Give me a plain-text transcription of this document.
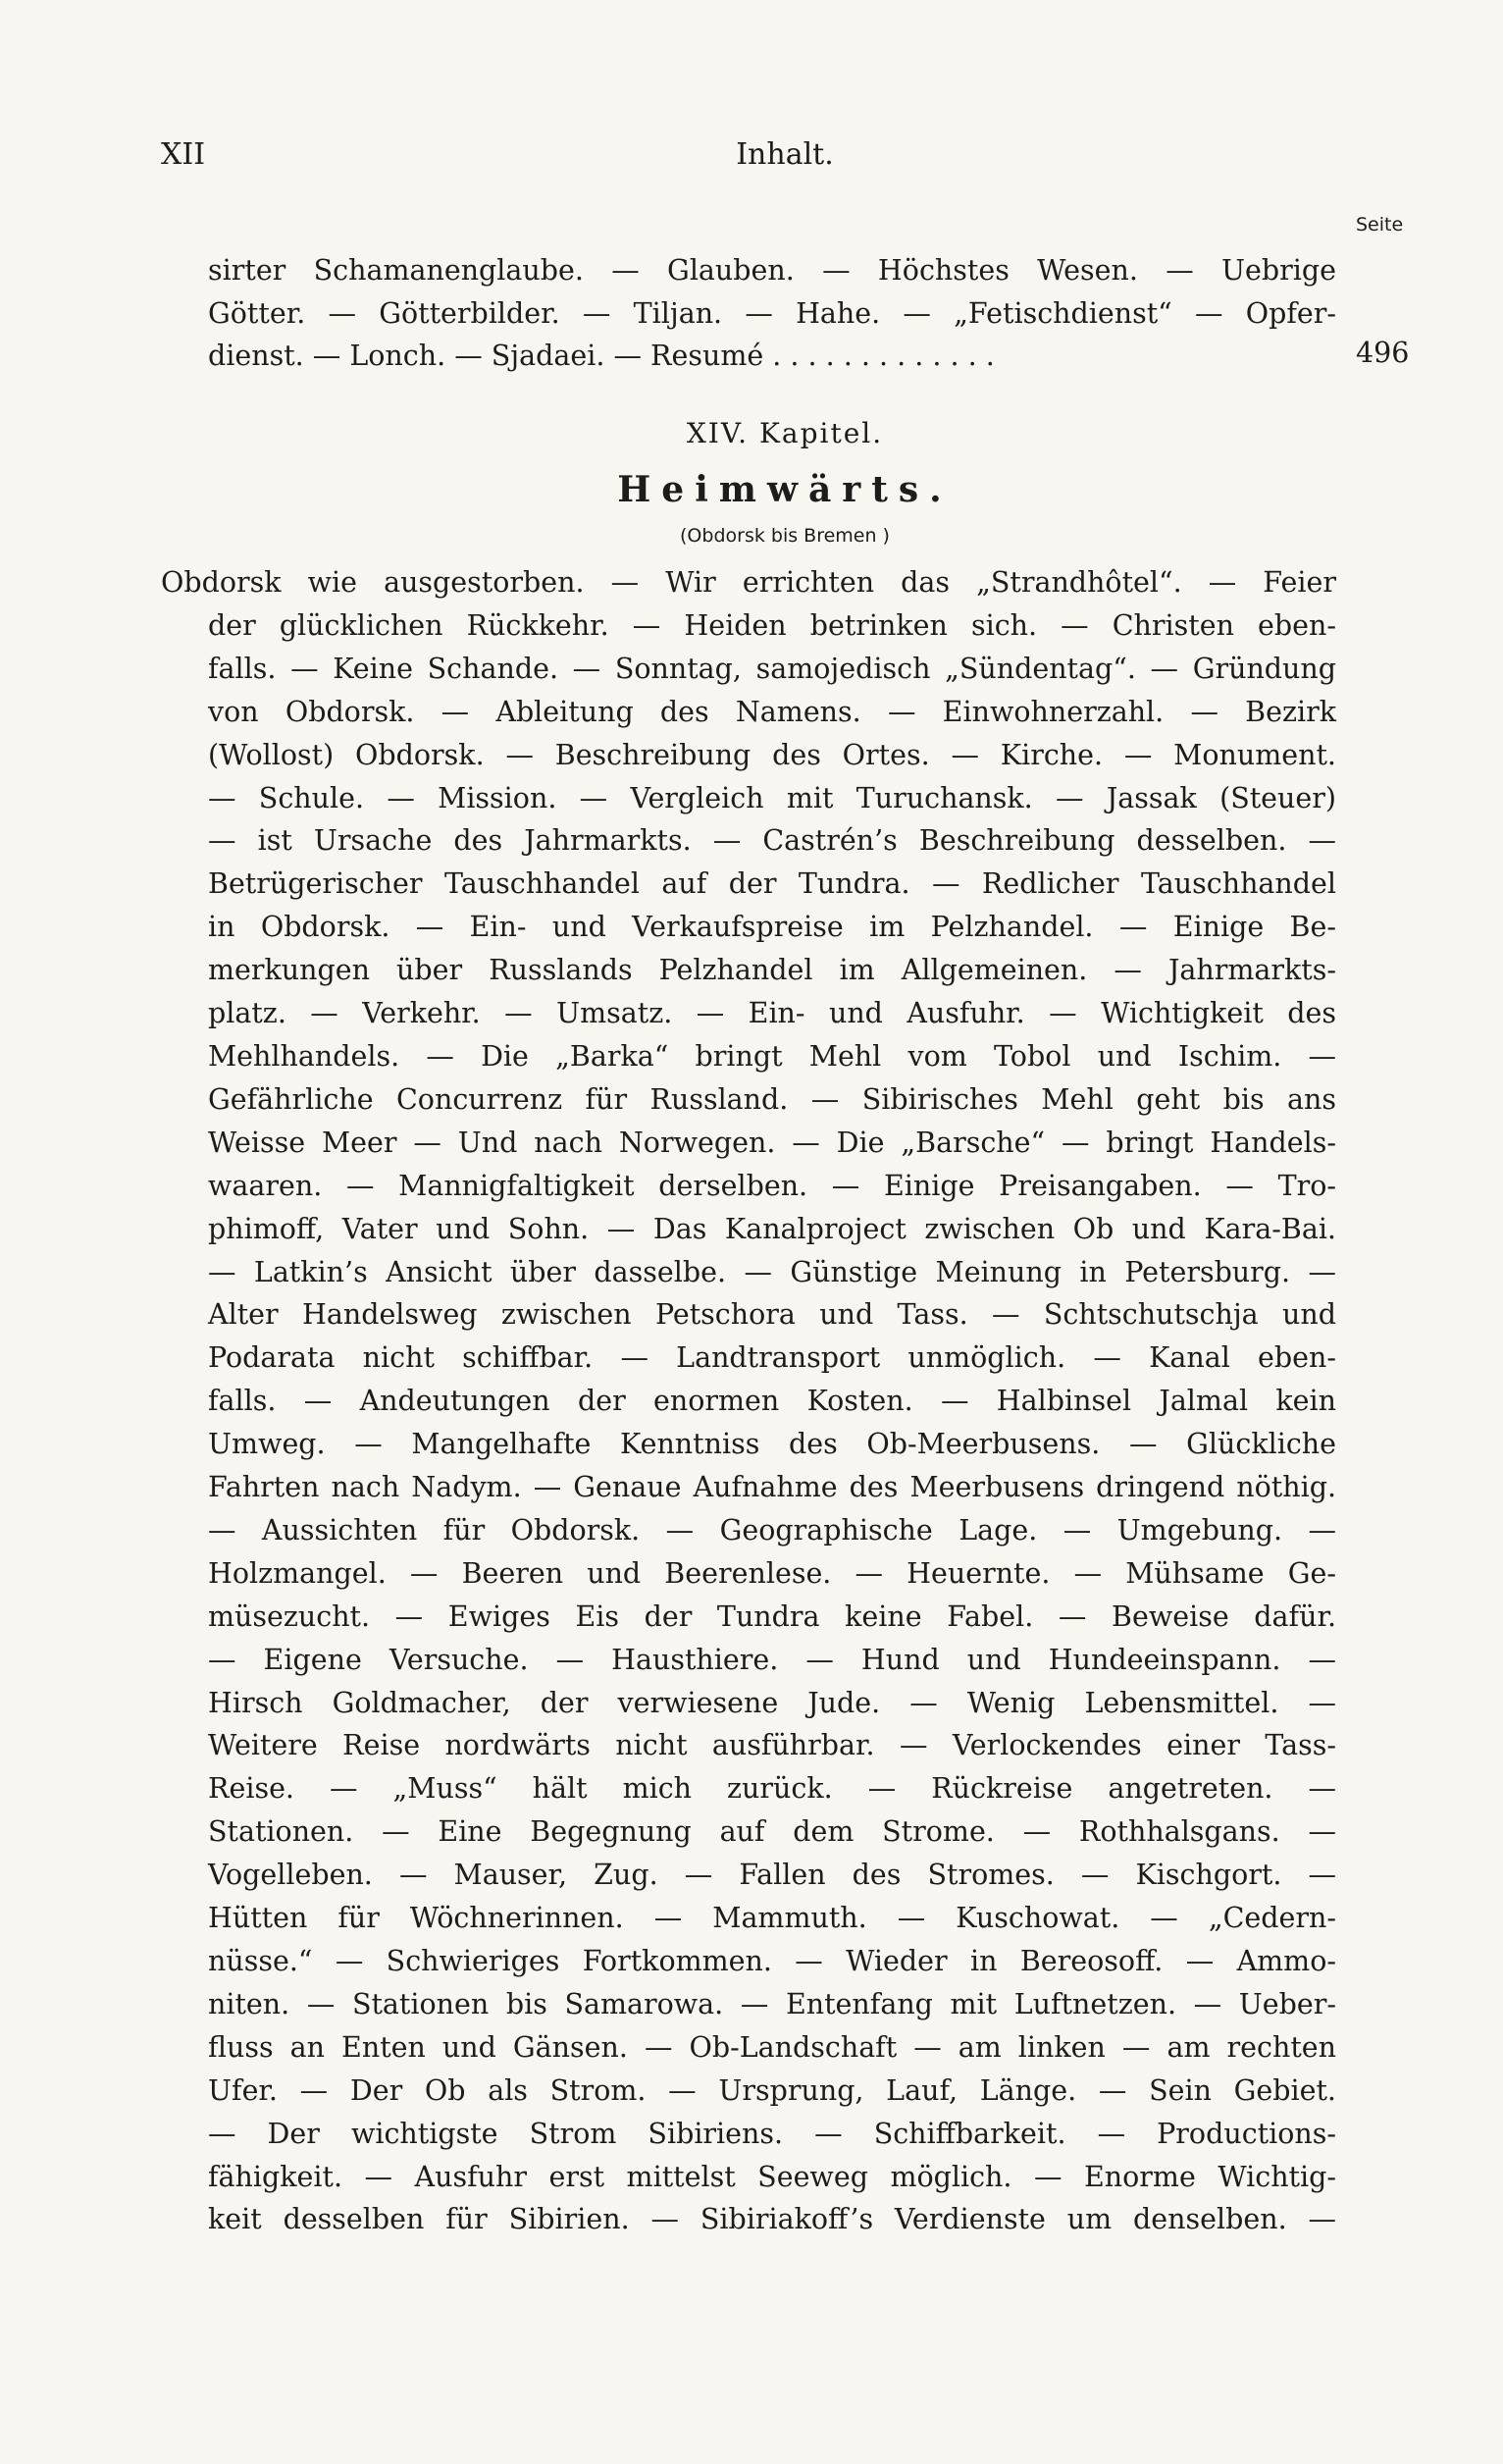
XII	Inhalt.
Seite
sirter Schamanenglaube. — Glauben. — Höchstes Wesen. — Uebrige
Götter. — Götterbilder. — Tiljan. — Hahe. — „Fetischdienst“ — Opfer-
dienst. — Lonch. — Sjadaei. — Resumé . . . . . . . . . . . . .	496
XIV. Kapitel.
Heimwärts.
(Obdorsk bis Bremen )
Obdorsk wie ausgestorben. — Wir errichten das „Strandhôtel“. — Feier
der glücklichen Rückkehr. — Heiden betrinken sich. — Christen eben-
falls. — Keine Schande. — Sonntag, samojedisch „Sündentag“. — Gründung
von Obdorsk. — Ableitung des Namens. — Einwohnerzahl. — Bezirk
(Wollost) Obdorsk. — Beschreibung des Ortes. — Kirche. — Monument.
— Schule. — Mission. — Vergleich mit Turuchansk. — Jassak (Steuer)
— ist Ursache des Jahrmarkts. — Castrén’s Beschreibung desselben. —
Betrügerischer Tauschhandel auf der Tundra. — Redlicher Tauschhandel
in Obdorsk. — Ein- und Verkaufspreise im Pelzhandel. — Einige Be-
merkungen über Russlands Pelzhandel im Allgemeinen. — Jahrmarkts-
platz. — Verkehr. — Umsatz. — Ein- und Ausfuhr. — Wichtigkeit des
Mehlhandels. — Die „Barka“ bringt Mehl vom Tobol und Ischim. —
Gefährliche Concurrenz für Russland. — Sibirisches Mehl geht bis ans
Weisse Meer — Und nach Norwegen. — Die „Barsche“ — bringt Handels-
waaren. — Mannigfaltigkeit derselben. — Einige Preisangaben. — Tro-
phimoff, Vater und Sohn. — Das Kanalproject zwischen Ob und Kara-Bai.
— Latkin’s Ansicht über dasselbe. — Günstige Meinung in Petersburg. —
Alter Handelsweg zwischen Petschora und Tass. — Schtschutschja und
Podarata nicht schiffbar. — Landtransport unmöglich. — Kanal eben-
falls. — Andeutungen der enormen Kosten. — Halbinsel Jalmal kein
Umweg. — Mangelhafte Kenntniss des Ob-Meerbusens. — Glückliche
Fahrten nach Nadym. — Genaue Aufnahme des Meerbusens dringend nöthig.
— Aussichten für Obdorsk. — Geographische Lage. — Umgebung. —
Holzmangel. — Beeren und Beerenlese. — Heuernte. — Mühsame Ge-
müsezucht. — Ewiges Eis der Tundra keine Fabel. — Beweise dafür.
— Eigene Versuche. — Hausthiere. — Hund und Hundeeinspann. —
Hirsch Goldmacher, der verwiesene Jude. — Wenig Lebensmittel. —
Weitere Reise nordwärts nicht ausführbar. — Verlockendes einer Tass-
Reise. — „Muss“ hält mich zurück. — Rückreise angetreten. —
Stationen. — Eine Begegnung auf dem Strome. — Rothhalsgans. —
Vogelleben. — Mauser, Zug. — Fallen des Stromes. — Kischgort. —
Hütten für Wöchnerinnen. — Mammuth. — Kuschowat. — „Cedern-
nüsse.“ — Schwieriges Fortkommen. — Wieder in Bereosoff. — Ammo-
niten. — Stationen bis Samarowa. — Entenfang mit Luftnetzen. — Ueber-
fluss an Enten und Gänsen. — Ob-Landschaft — am linken — am rechten
Ufer. — Der Ob als Strom. — Ursprung, Lauf, Länge. — Sein Gebiet.
— Der wichtigste Strom Sibiriens. — Schiffbarkeit. — Productions-
fähigkeit. — Ausfuhr erst mittelst Seeweg möglich. — Enorme Wichtig-
keit desselben für Sibirien. — Sibiriakoff’s Verdienste um denselben. —
